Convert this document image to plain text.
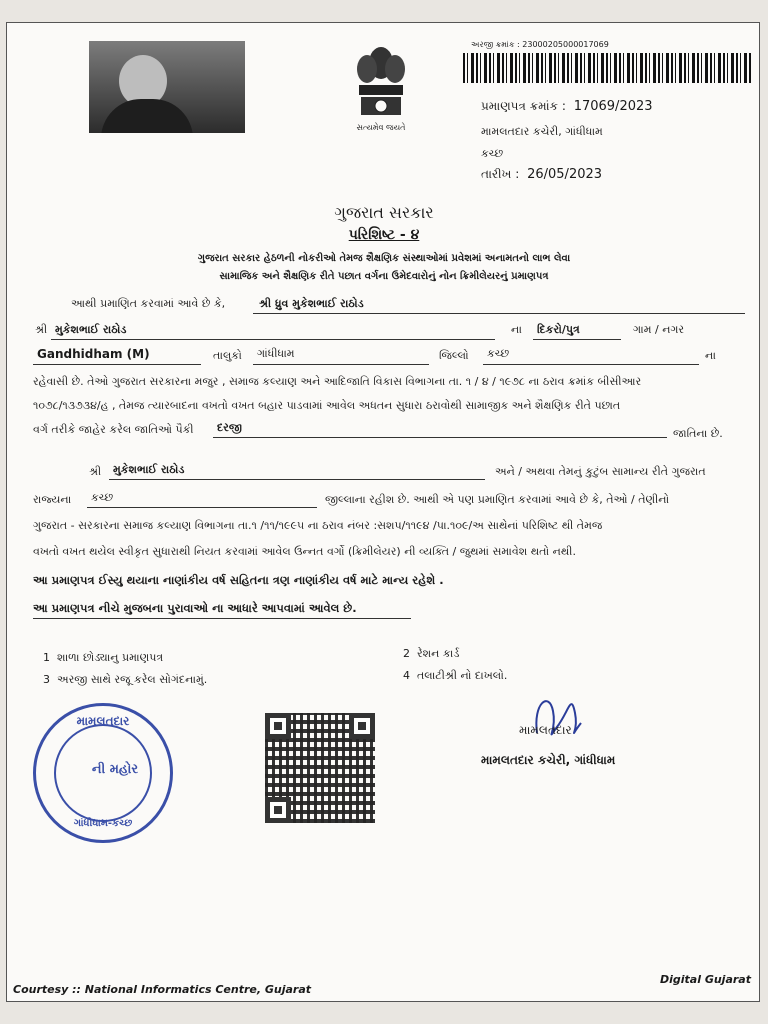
સત્યમેવ જયતે
અરજી ક્રમાંક : 23000205000017069
પ્રમાણપત્ર ક્રમાંક : 17069/2023
મામલતદાર કચેરી, ગાંધીધામ
કચ્છ
તારીખ : 26/05/2023
ગુજરાત સરકાર
પરિશિષ્ટ - ૪
ગુજરાત સરકાર હેઠળની નોકરીઓ તેમજ શૈક્ષણિક સંસ્થાઓમાં પ્રવેશમાં અનામતનો લાભ લેવા
સામાજિક અને શૈક્ષણિક રીતે પછાત વર્ગના ઉમેદવારોનું નોન ક્રિમીલેયરનું પ્રમાણપત્ર
આથી પ્રમાણિત કરવામાં આવે છે કે,	શ્રી ધ્રુવ મુકેશભાઈ રાઠોડ
શ્રી મુકેશભાઈ રાઠોડ	ના	દિકરો/પુત્ર	ગામ / નગર
Gandhidham (M)	તાલુકો	ગાંધીધામ	જિલ્લો	કચ્છ	ના
રહેવાસી છે. તેઓ ગુજરાત સરકારના મજુર , સમાજ કલ્યાણ અને આદિજાતિ વિકાસ વિભાગના તા. ૧ / ૪ / ૧૯૭૮ ના ઠરાવ ક્રમાંક બીસીઆર
૧૦૭૮/૧૩૭૩૪/હ , તેમજ ત્યારબાદના વખતો વખત બહાર પાડવામાં આવેલ અધતન સુધારા ઠરાવોથી સામાજીક અને શૈક્ષણિક રીતે પછાત
વર્ગ તરીકે જાહેર કરેલ જાતિઓ પૈકી	દરજી	જાતિના છે.
શ્રી	મુકેશભાઈ રાઠોડ	અને / અથવા તેમનું કુટુંબ સામાન્ય રીતે ગુજરાત
રાજ્યના	કચ્છ	જીલ્લાના રહીશ છે. આથી એ પણ પ્રમાણિત કરવામાં આવે છે કે, તેઓ / તેણીનો
ગુજરાત - સરકારના સમાજ કલ્યાણ વિભાગના તા.૧ /૧૧/૧૯૯૫ ના ઠરાવ નંબર :સશપ/૧૧૯૪ /પા.૧૦૯/અ સાથેનાં પરિશિષ્ટ થી તેમજ
વખતો વખત થયેલ સ્વીકૃત સુધારાથી નિયત કરવામાં આવેલ ઉન્નત વર્ગો (ક્રિમીલેયર) ની વ્યક્તિ / જુથમાં સમાવેશ થતો નથી.
આ પ્રમાણપત્ર ઈસ્યુ થયાના નાણાંકીય વર્ષ સહિતના ત્રણ નાણાંકીય વર્ષ માટે માન્ય રહેશે .
આ પ્રમાણપત્ર નીચે મુજબના પુરાવાઓ ના આધારે આપવામાં આવેલ છે.
1 શાળા છોડ્યાનુ પ્રમાણપત્ર	2 રેશન કાર્ડ
3 અરજી સાથે રજૂ કરેલ સોગંદનામું.	4 તલાટીશ્રી નો દાખલો.
મામલતદાર
ની મહોર
ગાંધીધામ-કચ્છ
મામલતદાર
મામલતદાર કચેરી, ગાંધીધામ
Courtesy :: National Informatics Centre, Gujarat
Digital Gujarat
